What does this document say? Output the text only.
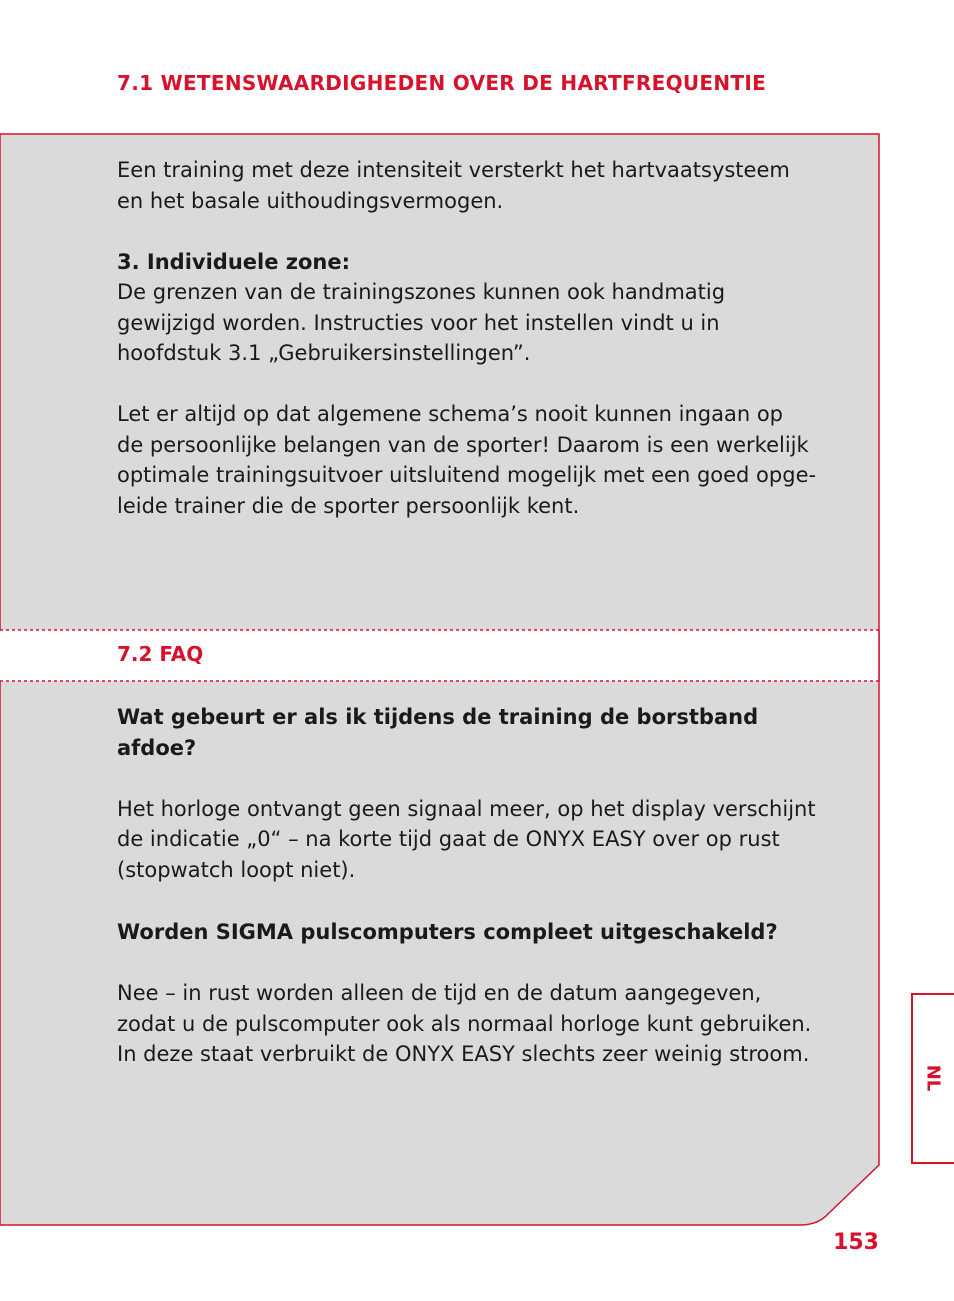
7.1 WETENSWAARDIGHEDEN OVER DE HARTFREQUENTIE

Een training met deze intensiteit versterkt het hartvaatsysteem

en het basale uithoudingsvermogen.

3. Individuele zone:

De grenzen van de trainingszones kunnen ook handmatig

gewijzigd worden. Instructies voor het instellen vindt u in

hoofdstuk 3.1 „Gebruikersinstellingen”.

Let er altijd op dat algemene schema’s nooit kunnen ingaan op

de persoonlijke belangen van de sporter! Daarom is een werkelijk

optimale trainingsuitvoer uitsluitend mogelijk met een goed opge-

leide trainer die de sporter persoonlijk kent.

7.2 FAQ

Wat gebeurt er als ik tijdens de training de borstband afdoe?

Het horloge ontvangt geen signaal meer, op het display verschijnt

de indicatie „0“ – na korte tijd gaat de ONYX EASY over op rust

(stopwatch loopt niet).

Worden SIGMA pulscomputers compleet uitgeschakeld?

Nee – in rust worden alleen de tijd en de datum aangegeven,

zodat u de pulscomputer ook als normaal horloge kunt gebruiken.

In deze staat verbruikt de ONYX EASY slechts zeer weinig stroom.

NL
153
